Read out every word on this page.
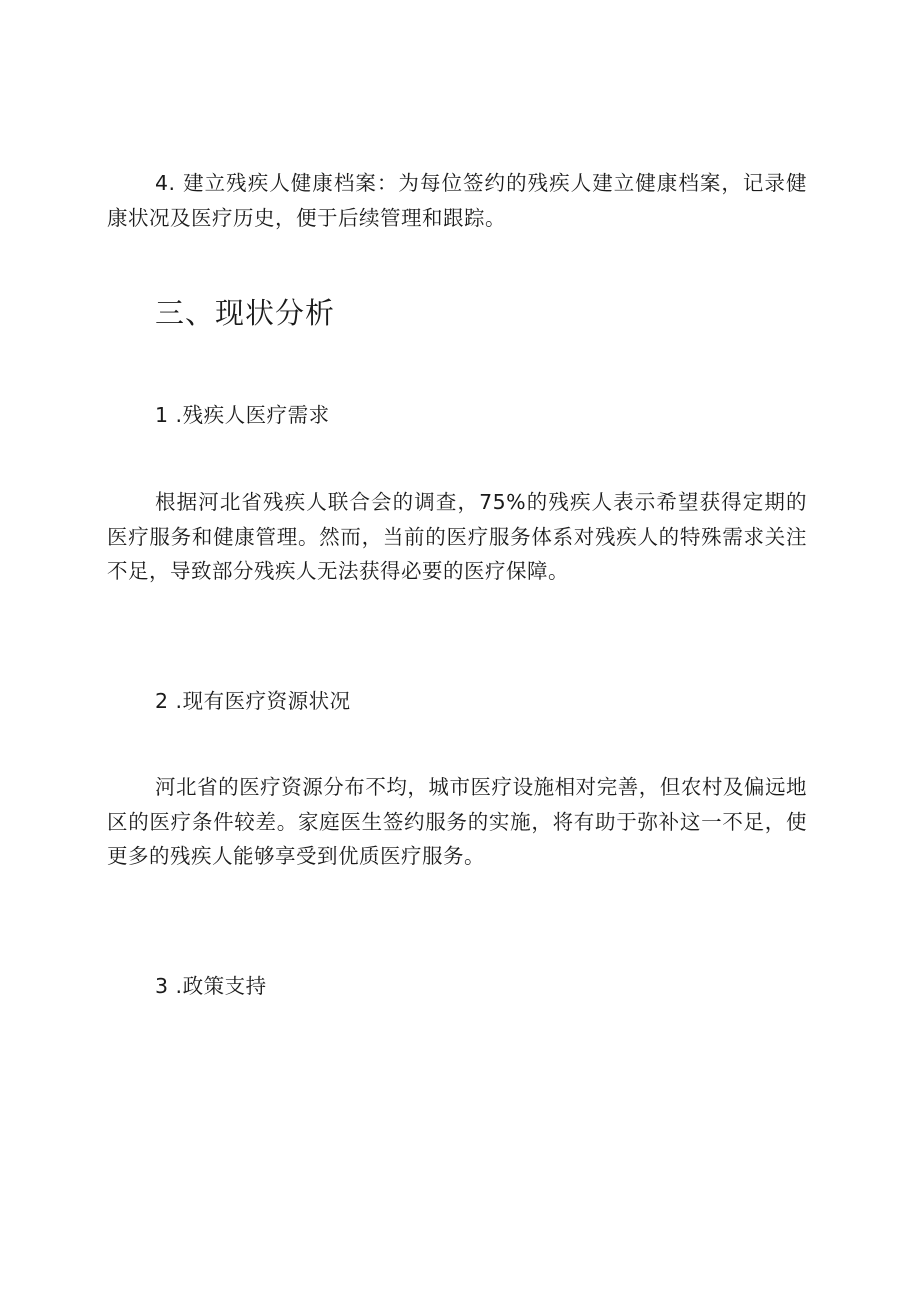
4. 建立残疾人健康档案：为每位签约的残疾人建立健康档案，记录健康状况及医疗历史，便于后续管理和跟踪。

三、现状分析

1 .残疾人医疗需求

根据河北省残疾人联合会的调查，75%的残疾人表示希望获得定期的医疗服务和健康管理。然而，当前的医疗服务体系对残疾人的特殊需求关注不足，导致部分残疾人无法获得必要的医疗保障。

2 .现有医疗资源状况

河北省的医疗资源分布不均，城市医疗设施相对完善，但农村及偏远地区的医疗条件较差。家庭医生签约服务的实施，将有助于弥补这一不足，使更多的残疾人能够享受到优质医疗服务。

3 .政策支持
